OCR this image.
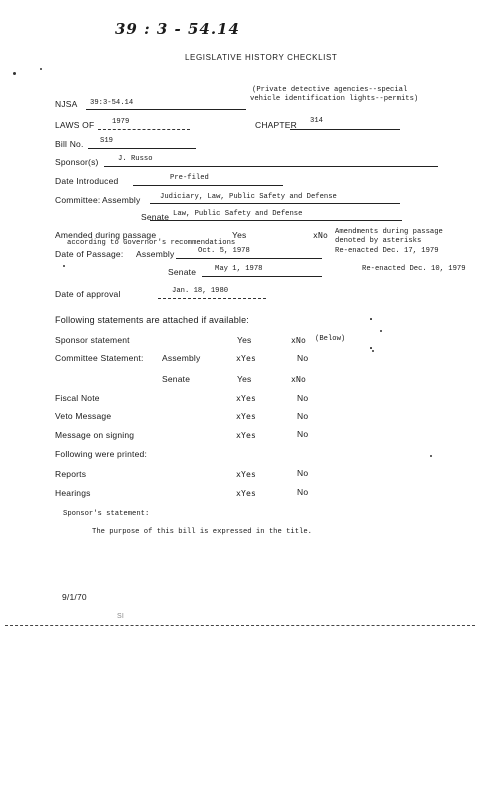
39 : 3 - 54.14
LEGISLATIVE HISTORY CHECKLIST
(Private detective agencies--special
vehicle identification lights--permits)
NJSA 39:3-54.14
LAWS OF 1979	CHAPTER 314
Bill No. S19
Sponsor(s)	J. Russo
Date Introduced	Pre-filed
Committee: Assembly	Judiciary, Law, Public Safety and Defense
Senate Law, Public Safety and Defense
Amended during passage	Yes	xNo
according to Governor's recommendations
Amendments during passage
denoted by asterisks
Date of Passage: Assembly	Oct. 5, 1978	Re-enacted Dec. 17, 1979
Senate	May 1, 1978	Re-enacted Dec. 10, 1979
Date of approval	Jan. 18, 1980
Following statements are attached if available:
Sponsor statement	Yes	xNo (Below)
Committee Statement: Assembly	xYes	No
Senate	Yes	xNo
Fiscal Note	xYes	No
Veto Message	xYes	No
Message on signing	xYes	No
Following were printed:
Reports	xYes	No
Hearings	xYes	No
Sponsor's statement:
The purpose of this bill is expressed in the title.
9/1/70
SI
